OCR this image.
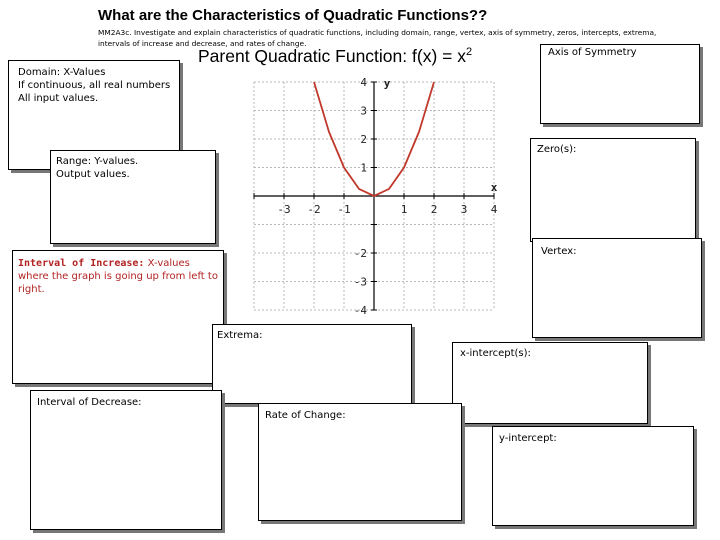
What are the Characteristics of Quadratic Functions??
MM2A3c. Investigate and explain characteristics of quadratic functions, including domain, range, vertex, axis of symmetry, zeros, intercepts, extrema, intervals of increase and decrease, and rates of change.
Parent Quadratic Function: $f(x) = x^2$
-3 -2 -1	1 2 3 4
4
3
2
1
-2
-3
-4
x
y
Domain: X-Values
If continuous, all real numbers
All input values.
Axis of Symmetry
Range: Y-values. Output values.
Zero(s):
Interval of Increase: X-values where the graph is going up from left to right.
Vertex:
Extrema:
x-intercept(s):
Interval of Decrease:
Rate of Change:
y-intercept:
